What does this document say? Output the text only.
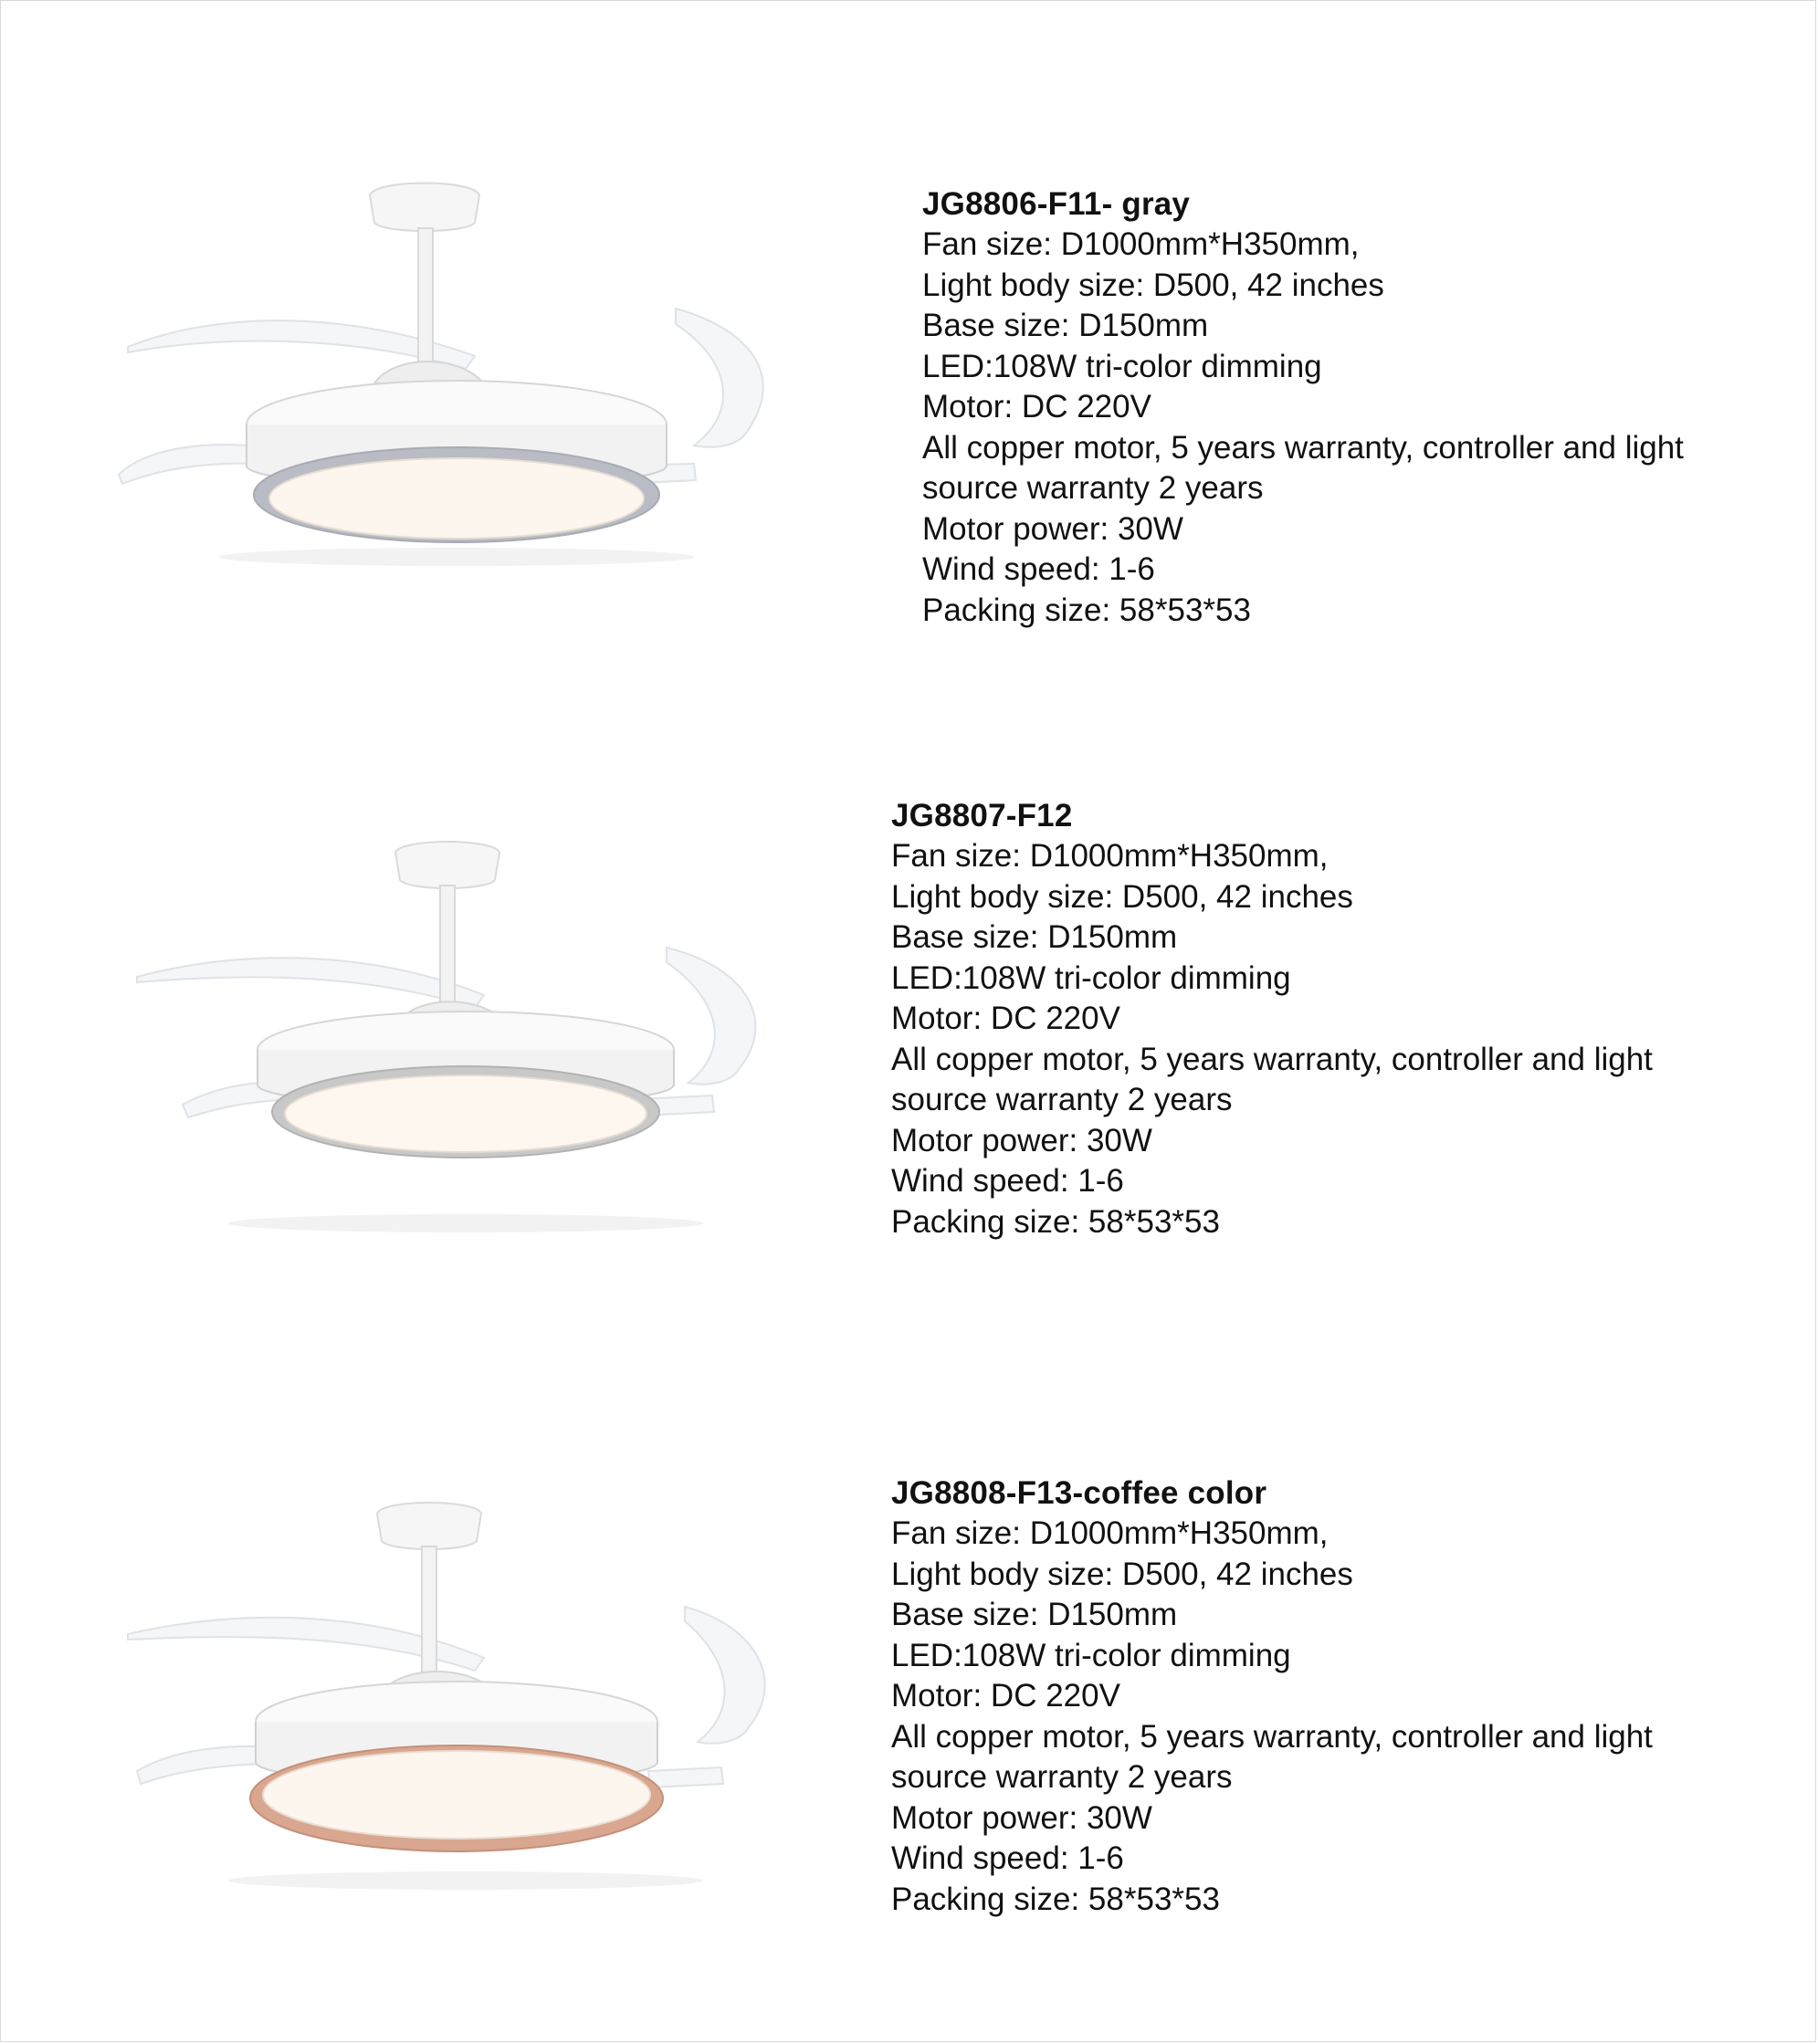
JG8806-F11- gray
Fan size: D1000mm*H350mm,
Light body size: D500, 42 inches
Base size: D150mm
LED:108W tri-color dimming
Motor: DC 220V
All copper motor, 5 years warranty, controller and light source warranty 2 years
Motor power: 30W
Wind speed: 1-6
Packing size: 58*53*53
JG8807-F12
Fan size: D1000mm*H350mm,
Light body size: D500, 42 inches
Base size: D150mm
LED:108W tri-color dimming
Motor: DC 220V
All copper motor, 5 years warranty, controller and light source warranty 2 years
Motor power: 30W
Wind speed: 1-6
Packing size: 58*53*53
JG8808-F13-coffee color
Fan size: D1000mm*H350mm,
Light body size: D500, 42 inches
Base size: D150mm
LED:108W tri-color dimming
Motor: DC 220V
All copper motor, 5 years warranty, controller and light source warranty 2 years
Motor power: 30W
Wind speed: 1-6
Packing size: 58*53*53
